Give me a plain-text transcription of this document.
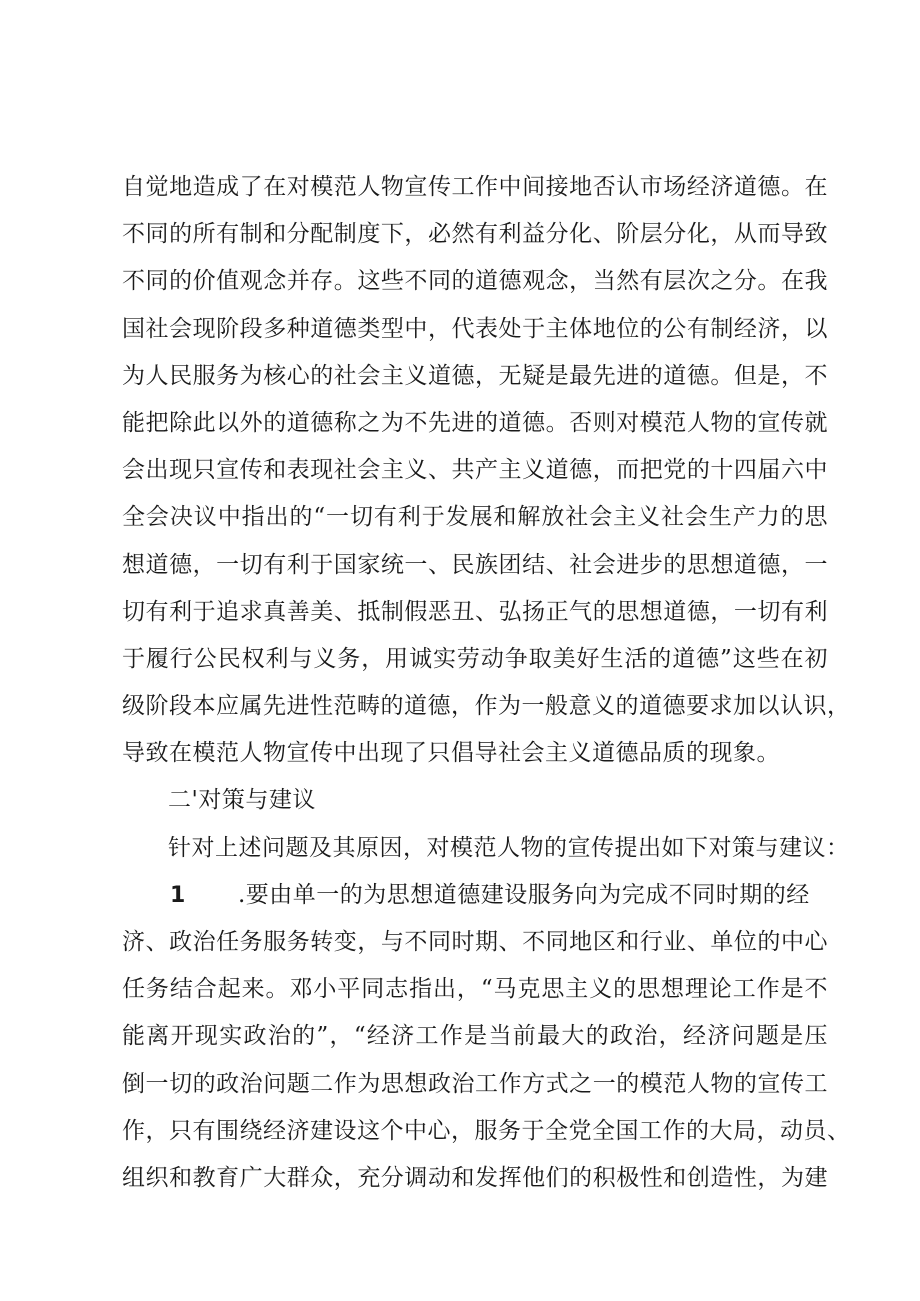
自觉地造成了在对模范人物宣传工作中间接地否认市场经济道德。在
不同的所有制和分配制度下，必然有利益分化、阶层分化，从而导致
不同的价值观念并存。这些不同的道德观念，当然有层次之分。在我
国社会现阶段多种道德类型中，代表处于主体地位的公有制经济，以
为人民服务为核心的社会主义道德，无疑是最先进的道德。但是，不
能把除此以外的道德称之为不先进的道德。否则对模范人物的宣传就
会出现只宣传和表现社会主义、共产主义道德，而把党的十四届六中
全会决议中指出的“一切有利于发展和解放社会主义社会生产力的思
想道德，一切有利于国家统一、民族团结、社会进步的思想道德，一
切有利于追求真善美、抵制假恶丑、弘扬正气的思想道德，一切有利
于履行公民权利与义务，用诚实劳动争取美好生活的道德”这些在初
级阶段本应属先进性范畴的道德，作为一般意义的道德要求加以认识，
导致在模范人物宣传中出现了只倡导社会主义道德品质的现象。
二'对策与建议
针对上述问题及其原因，对模范人物的宣传提出如下对策与建议：
1 .要由单一的为思想道德建设服务向为完成不同时期的经
济、政治任务服务转变，与不同时期、不同地区和行业、单位的中心
任务结合起来。邓小平同志指出，“马克思主义的思想理论工作是不
能离开现实政治的”，“经济工作是当前最大的政治，经济问题是压
倒一切的政治问题二作为思想政治工作方式之一的模范人物的宣传工
作，只有围绕经济建设这个中心，服务于全党全国工作的大局，动员、
组织和教育广大群众，充分调动和发挥他们的积极性和创造性，为建
